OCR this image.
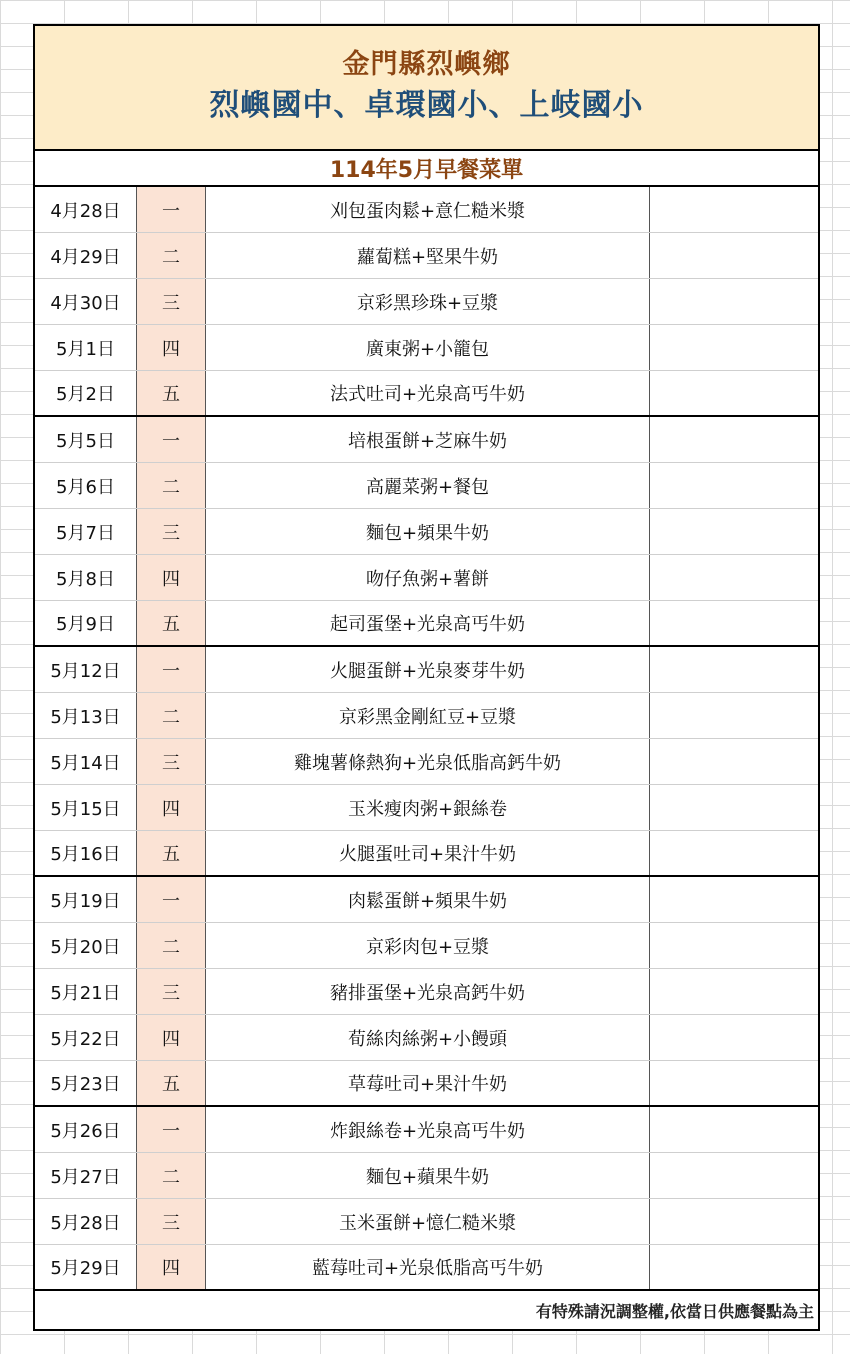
金門縣烈嶼鄉
烈嶼國中、卓環國小、上岐國小
114年5月早餐菜單
4月28日	一	刈包蛋肉鬆+意仁糙米漿
4月29日	二	蘿蔔糕+堅果牛奶
4月30日	三	京彩黑珍珠+豆漿
5月1日	四	廣東粥+小籠包
5月2日	五	法式吐司+光泉高丐牛奶
5月5日	一	培根蛋餅+芝麻牛奶
5月6日	二	高麗菜粥+餐包
5月7日	三	麵包+頻果牛奶
5月8日	四	吻仔魚粥+薯餅
5月9日	五	起司蛋堡+光泉高丐牛奶
5月12日	一	火腿蛋餅+光泉麥芽牛奶
5月13日	二	京彩黑金剛紅豆+豆漿
5月14日	三	雞塊薯條熱狗+光泉低脂高鈣牛奶
5月15日	四	玉米瘦肉粥+銀絲卷
5月16日	五	火腿蛋吐司+果汁牛奶
5月19日	一	肉鬆蛋餅+頻果牛奶
5月20日	二	京彩肉包+豆漿
5月21日	三	豬排蛋堡+光泉高鈣牛奶
5月22日	四	荀絲肉絲粥+小饅頭
5月23日	五	草莓吐司+果汁牛奶
5月26日	一	炸銀絲卷+光泉高丐牛奶
5月27日	二	麵包+蘋果牛奶
5月28日	三	玉米蛋餅+憶仁糙米漿
5月29日	四	藍莓吐司+光泉低脂高丐牛奶
有特殊請況調整權,依當日供應餐點為主
